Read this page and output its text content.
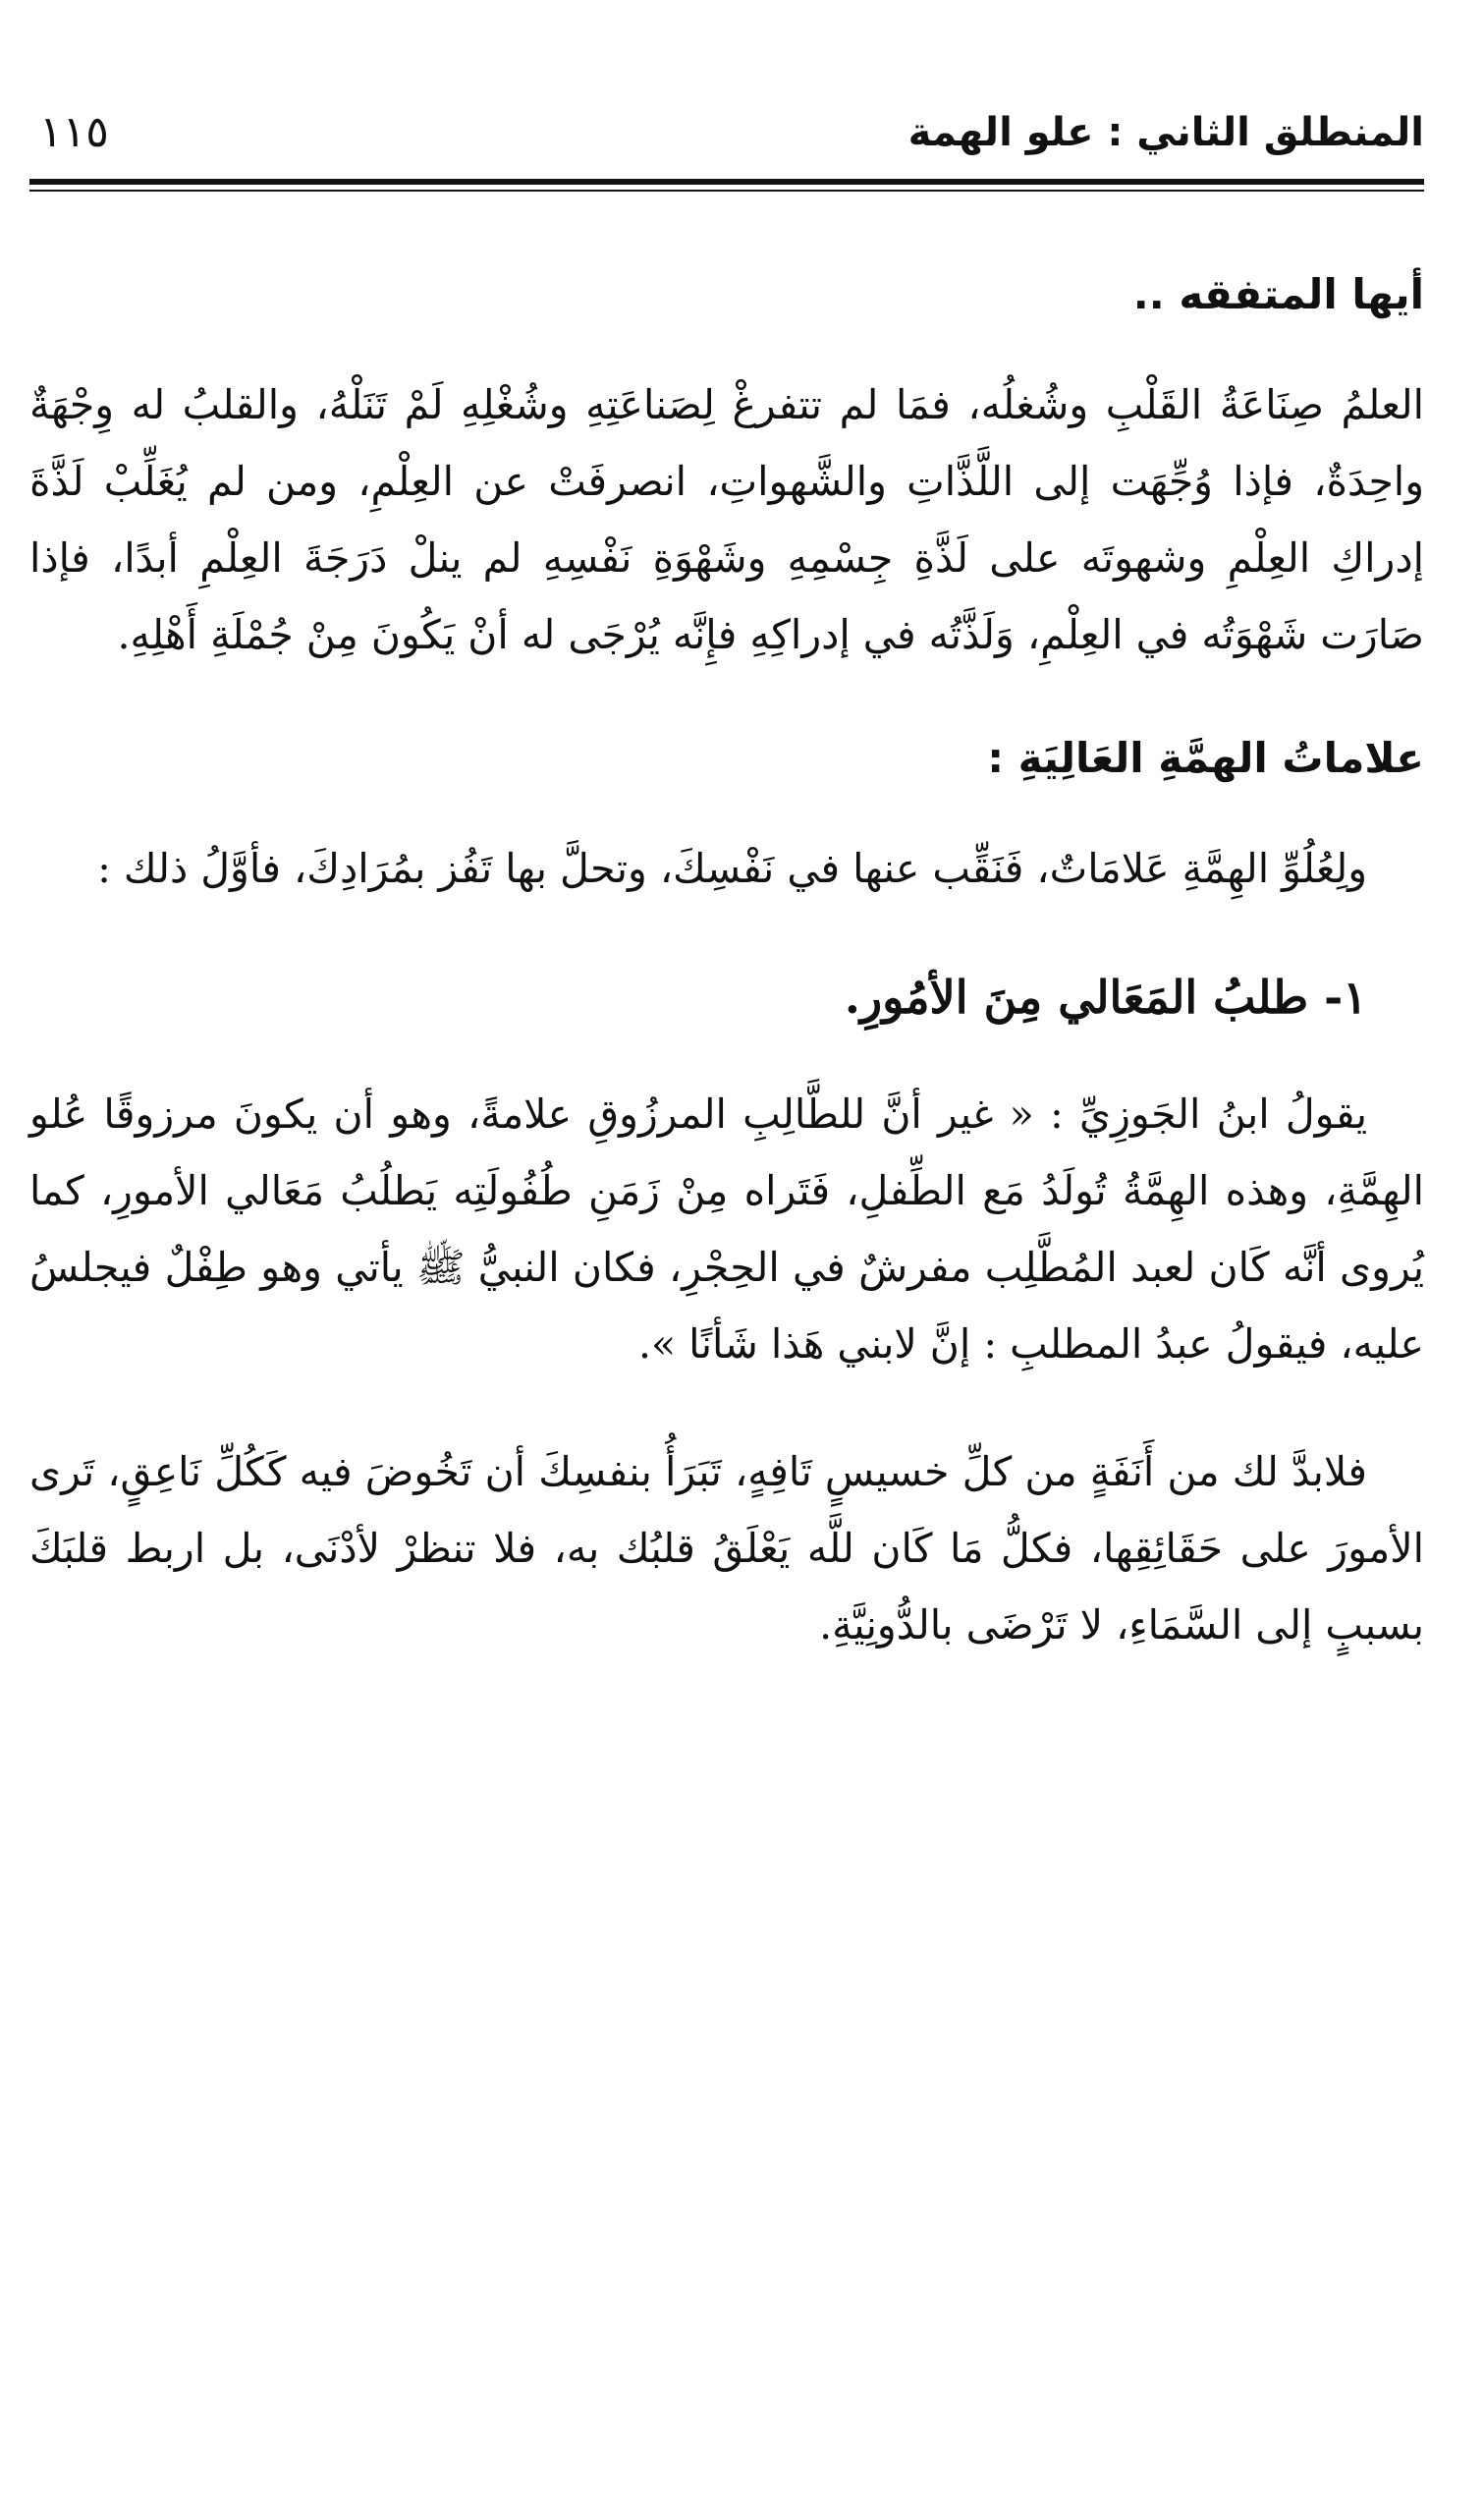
المنطلق الثاني : علو الهمة
١١٥
أيها المتفقه ..

العلمُ صِنَاعَةُ القَلْبِ وشُغلُه، فمَا لم تتفرغْ لِصَناعَتِهِ وشُغْلِهِ لَمْ تَنَلْهُ، والقلبُ له وِجْهَةٌ واحِدَةٌ، فإذا وُجِّهَت إلى اللَّذَّاتِ والشَّهواتِ، انصرفَتْ عن العِلْمِ، ومن لم يُغَلِّبْ لَذَّةَ إدراكِ العِلْمِ وشهوتَه على لَذَّةِ جِسْمِهِ وشَهْوَةِ نَفْسِهِ لم ينلْ دَرَجَةَ العِلْمِ أبدًا، فإذا صَارَت شَهْوَتُه في العِلْمِ، وَلَذَّتُه في إدراكِهِ فإِنَّه يُرْجَى له أنْ يَكُونَ مِنْ جُمْلَةِ أَهْلِهِ.

علاماتُ الهمَّةِ العَالِيَةِ :

ولِعُلُوِّ الهِمَّةِ عَلامَاتٌ، فَنَقِّب عنها في نَفْسِكَ، وتحلَّ بها تَفُز بمُرَادِكَ، فأوَّلُ ذلك :

١- طلبُ المَعَالي مِنَ الأمُورِ.

يقولُ ابنُ الجَوزِيِّ : « غير أنَّ للطَّالِبِ المرزُوقِ علامةً، وهو أن يكونَ مرزوقًا عُلو الهِمَّةِ، وهذه الهِمَّةُ تُولَدُ مَع الطِّفلِ، فَتَراه مِنْ زَمَنِ طُفُولَتِه يَطلُبُ مَعَالي الأمورِ، كما يُروى أنَّه كَان لعبد المُطَّلِب مفرشٌ في الحِجْرِ، فكان النبيُّ ﷺ يأتي وهو طِفْلٌ فيجلسُ عليه، فيقولُ عبدُ المطلبِ : إنَّ لابني هَذا شَأنًا ».

فلابدَّ لك من أَنَفَةٍ من كلِّ خسيسٍ تَافِهٍ، تَبَرَأُ بنفسِكَ أن تَخُوضَ فيه كَكُلِّ نَاعِقٍ، تَرى الأمورَ على حَقَائِقِها، فكلُّ مَا كَان للَّه يَعْلَقُ قلبُك به، فلا تنظرْ لأدْنَى، بل اربط قلبَكَ بسببٍ إلى السَّمَاءِ، لا تَرْضَى بالدُّونِيَّةِ.
